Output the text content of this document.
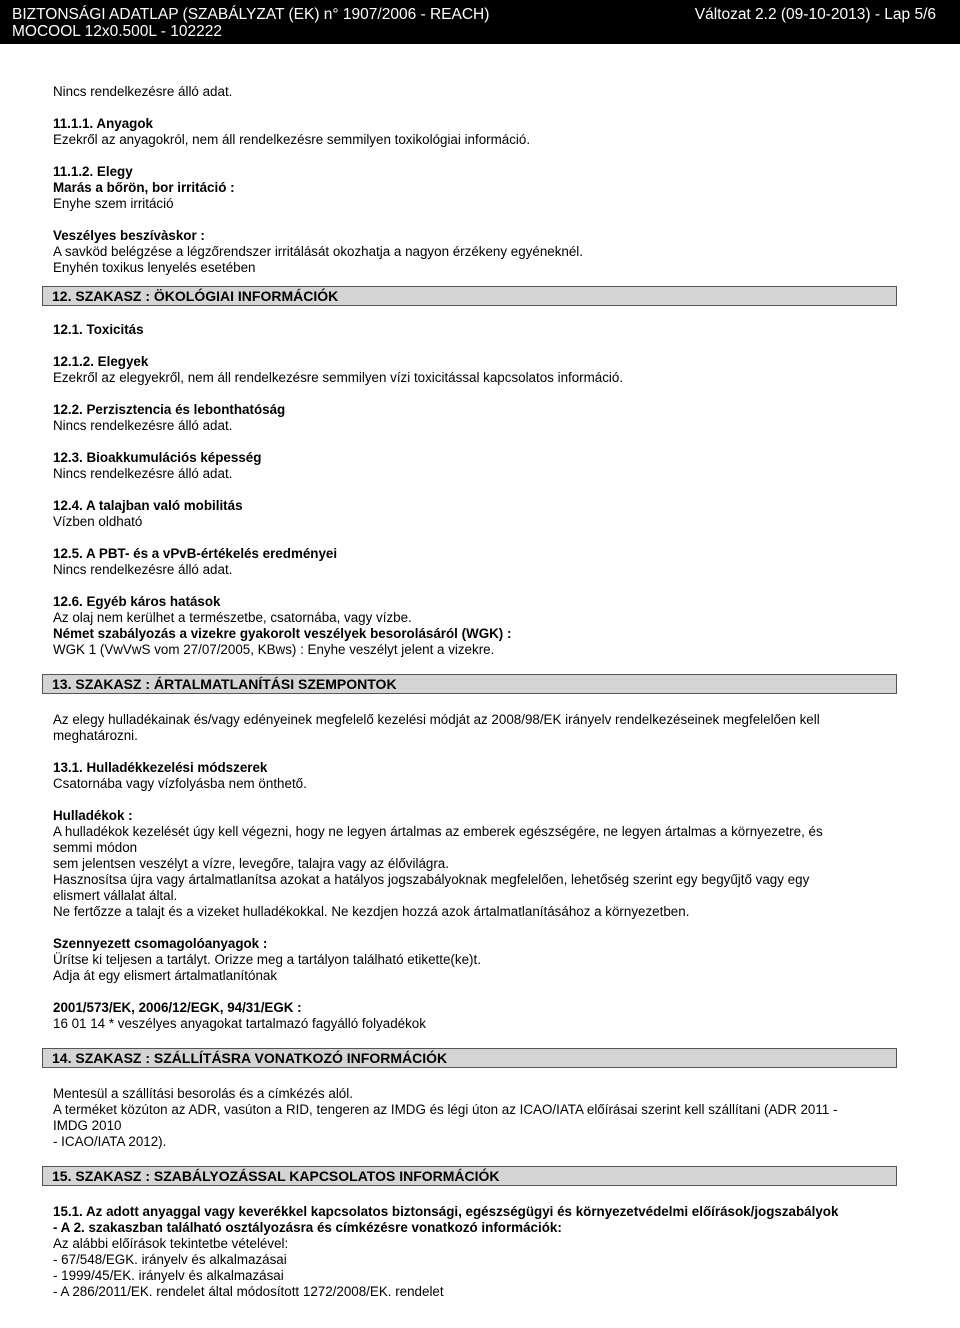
BIZTONSÁGI ADATLAP (SZABÁLYZAT (EK) n° 1907/2006 - REACH)
MOCOOL 12x0.500L - 102222
Változat 2.2 (09-10-2013) - Lap 5/6

Nincs rendelkezésre álló adat.

11.1.1. Anyagok

Ezekről az anyagokról, nem áll rendelkezésre semmilyen toxikológiai információ.

11.1.2. Elegy

Marás a bőrön, bor irritáció :

Enyhe szem irritáció

Veszélyes beszívàskor :

A savköd belégzése a légzőrendszer irritálását okozhatja a nagyon érzékeny egyéneknél.

Enyhén toxikus lenyelés esetében

12. SZAKASZ : ÖKOLÓGIAI INFORMÁCIÓK

12.1. Toxicitás

12.1.2. Elegyek

Ezekről az elegyekről, nem áll rendelkezésre semmilyen vízi toxicitással kapcsolatos információ.

12.2. Perzisztencia és lebonthatóság

Nincs rendelkezésre álló adat.

12.3. Bioakkumulációs képesség

Nincs rendelkezésre álló adat.

12.4. A talajban való mobilitás

Vízben oldható

12.5. A PBT- és a vPvB-értékelés eredményei

Nincs rendelkezésre álló adat.

12.6. Egyéb káros hatások

Az olaj nem kerülhet a természetbe, csatornába, vagy vízbe.

Német szabályozás a vizekre gyakorolt veszélyek besorolásáról (WGK) :

WGK 1 (VwVwS vom 27/07/2005, KBws) : Enyhe veszélyt jelent a vizekre.

13. SZAKASZ : ÁRTALMATLANÍTÁSI SZEMPONTOK

Az elegy hulladékainak és/vagy edényeinek megfelelő kezelési módját az 2008/98/EK irányelv rendelkezéseinek megfelelően kell

meghatározni.

13.1. Hulladékkezelési módszerek

Csatornába vagy vízfolyásba nem önthető.

Hulladékok :

A hulladékok kezelését úgy kell végezni, hogy ne legyen ártalmas az emberek egészségére, ne legyen ártalmas a környezetre, és

semmi módon

sem jelentsen veszélyt a vízre, levegőre, talajra vagy az élővilágra.

Hasznosítsa újra vagy ártalmatlanítsa azokat a hatályos jogszabályoknak megfelelően, lehetőség szerint egy begyűjtő vagy egy

elismert vállalat által.

Ne fertőzze a talajt és a vizeket hulladékokkal. Ne kezdjen hozzá azok ártalmatlanításához a környezetben.

Szennyezett csomagolóanyagok :

Ürítse ki teljesen a tartályt. Orizze meg a tartályon található etikette(ke)t.

Adja át egy elismert ártalmatlanítónak

2001/573/EK, 2006/12/EGK, 94/31/EGK :

16 01 14 * veszélyes anyagokat tartalmazó fagyálló folyadékok

14. SZAKASZ : SZÁLLÍTÁSRA VONATKOZÓ INFORMÁCIÓK

Mentesül a szállítási besorolás és a címkézés alól.

A terméket közúton az ADR, vasúton a RID, tengeren az IMDG és légi úton az ICAO/IATA előírásai szerint kell szállítani (ADR 2011 -

IMDG 2010

- ICAO/IATA 2012).

15. SZAKASZ : SZABÁLYOZÁSSAL KAPCSOLATOS INFORMÁCIÓK

15.1. Az adott anyaggal vagy keverékkel kapcsolatos biztonsági, egészségügyi és környezetvédelmi előírások/jogszabályok

- A 2. szakaszban található osztályozásra és címkézésre vonatkozó információk:

Az alábbi előírások tekintetbe vételével:

- 67/548/EGK. irányelv és alkalmazásai

- 1999/45/EK. irányelv és alkalmazásai

- A 286/2011/EK. rendelet által módosított 1272/2008/EK. rendelet
